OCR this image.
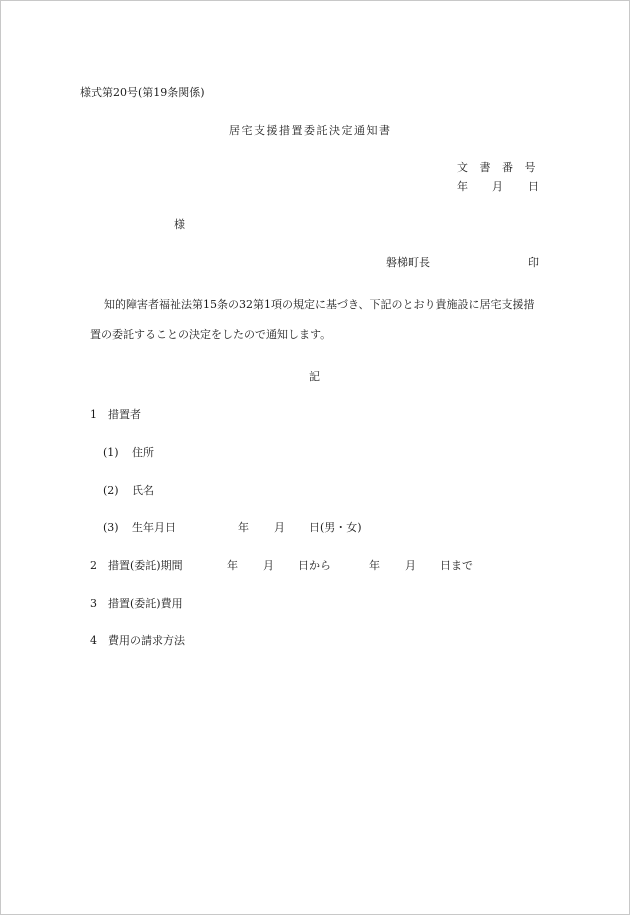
様式第20号(第19条関係)
居宅支援措置委託決定通知書
文 書 番 号
年 月 日
様
磐梯町長	印
知的障害者福祉法第15条の32第1項の規定に基づき、下記のとおり貴施設に居宅支援措
置の委託することの決定をしたので通知します。
記
1 措置者
(1) 住所
(2) 氏名
(3) 生年月日	年 月 日(男・女)
2 措置(委託)期間	年 月 日から	年 月 日まで
3 措置(委託)費用
4 費用の請求方法
